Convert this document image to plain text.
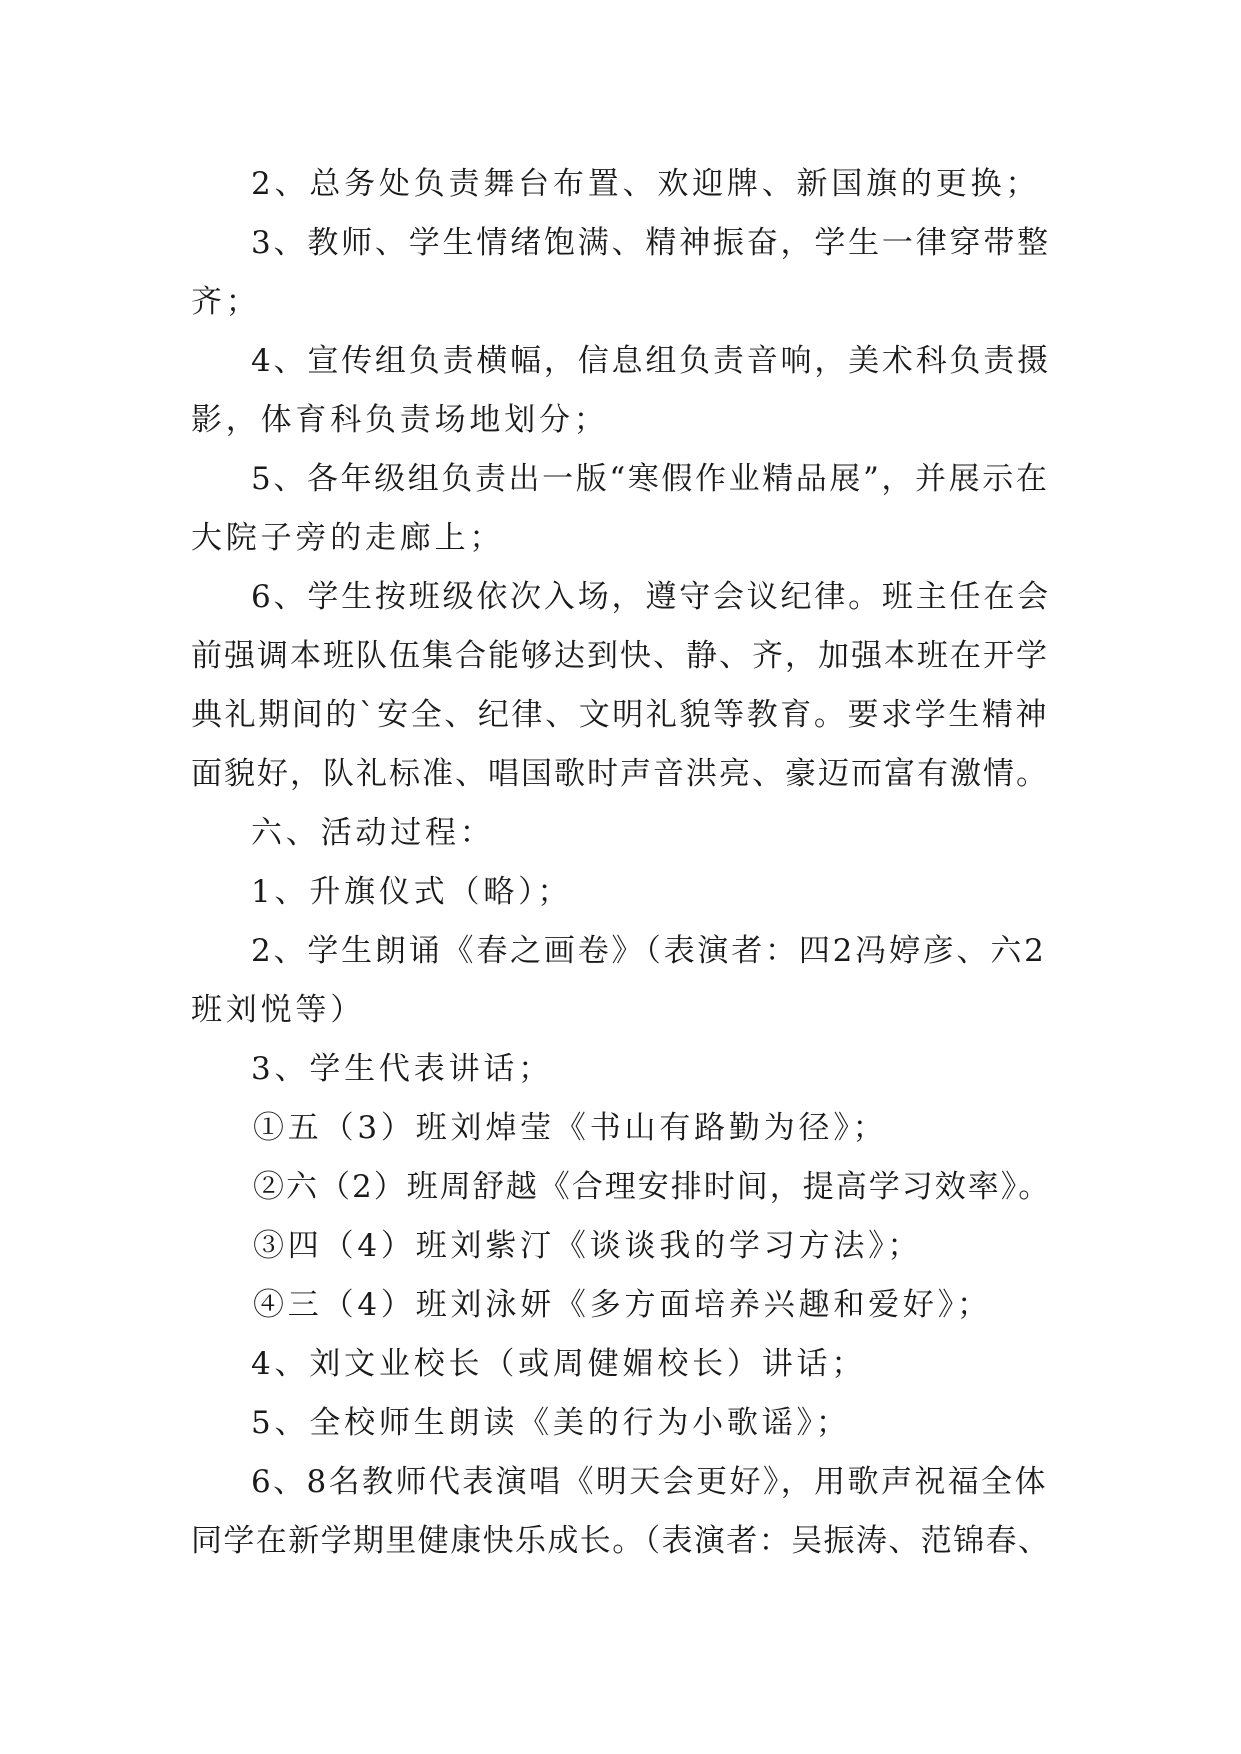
2、总务处负责舞台布置、欢迎牌、新国旗的更换；
3、教师、学生情绪饱满、精神振奋，学生一律穿带整
齐；
4、宣传组负责横幅，信息组负责音响，美术科负责摄
影，体育科负责场地划分；
5、各年级组负责出一版“寒假作业精品展”，并展示在
大院子旁的走廊上；
6、学生按班级依次入场，遵守会议纪律。班主任在会
前强调本班队伍集合能够达到快、静、齐，加强本班在开学
典礼期间的`安全、纪律、文明礼貌等教育。要求学生精神
面貌好，队礼标准、唱国歌时声音洪亮、豪迈而富有激情。
六、活动过程：
1、升旗仪式（略）；
2、学生朗诵《春之画卷》（表演者：四2冯婷彦、六2
班刘悦等）
3、学生代表讲话；
①五（3）班刘焯莹《书山有路勤为径》；
②六（2）班周舒越《合理安排时间，提高学习效率》。
③四（4）班刘紫汀《谈谈我的学习方法》；
④三（4）班刘泳妍《多方面培养兴趣和爱好》；
4、刘文业校长（或周健媚校长）讲话；
5、全校师生朗读《美的行为小歌谣》；
6、8名教师代表演唱《明天会更好》，用歌声祝福全体
同学在新学期里健康快乐成长。（表演者：吴振涛、范锦春、
